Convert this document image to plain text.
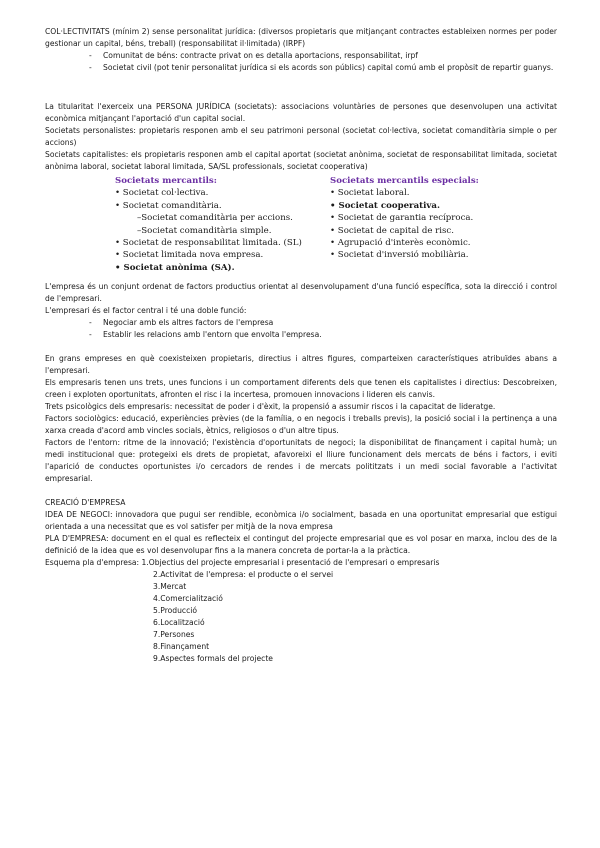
COL·LECTIVITATS (mínim 2) sense personalitat jurídica: (diversos propietaris que mitjançant contractes estableixen normes per poder gestionar un capital, béns, treball) (responsabilitat il·limitada) (IRPF)

- Comunitat de béns: contracte privat on es detalla aportacions, responsabilitat, irpf
- Societat civil (pot tenir personalitat jurídica si els acords son públics) capital comú amb el propòsit de repartir guanys.

La titularitat l'exerceix una PERSONA JURÍDICA (societats): associacions voluntàries de persones que desenvolupen una activitat econòmica mitjançant l'aportació d'un capital social.

Societats personalistes: propietaris responen amb el seu patrimoni personal (societat col·lectiva, societat comanditària simple o per accions)

Societats capitalistes: els propietaris responen amb el capital aportat (societat anònima, societat de responsabilitat limitada, societat anònima laboral, societat laboral limitada, SA/SL professionals, societat cooperativa)

Societats mercantils:
• Societat col·lectiva.
• Societat comanditària.
–Societat comanditària per accions.
–Societat comanditària simple.
• Societat de responsabilitat limitada. (SL)
• Societat limitada nova empresa.
• Societat anònima (SA).
Societats mercantils especials:
• Societat laboral.
• Societat cooperativa.
• Societat de garantia recíproca.
• Societat de capital de risc.
• Agrupació d'interès econòmic.
• Societat d'inversió mobiliària.

L'empresa és un conjunt ordenat de factors productius orientat al desenvolupament d'una funció específica, sota la direcció i control de l'empresari.

L'empresari és el factor central i té una doble funció:

- Negociar amb els altres factors de l'empresa
- Establir les relacions amb l'entorn que envolta l'empresa.

En grans empreses en què coexisteixen propietaris, directius i altres figures, comparteixen característiques atribuïdes abans a l'empresari.

Els empresaris tenen uns trets, unes funcions i un comportament diferents dels que tenen els capitalistes i directius: Descobreixen, creen i exploten oportunitats, afronten el risc i la incertesa, promouen innovacions i lideren els canvis.

Trets psicològics dels empresaris: necessitat de poder i d'èxit, la propensió a assumir riscos i la capacitat de lideratge.

Factors sociològics: educació, experiències prèvies (de la família, o en negocis i treballs previs), la posició social i la pertinença a una xarxa creada d'acord amb vincles socials, ètnics, religiosos o d'un altre tipus.

Factors de l'entorn: ritme de la innovació; l'existència d'oportunitats de negoci; la disponibilitat de finançament i capital humà; un medi institucional que: protegeixi els drets de propietat, afavoreixi el lliure funcionament dels mercats de béns i factors, i eviti l'aparició de conductes oportunistes i/o cercadors de rendes i de mercats polititzats i un medi social favorable a l'activitat empresarial.

CREACIÓ D'EMPRESA

IDEA DE NEGOCI: innovadora que pugui ser rendible, econòmica i/o socialment, basada en una oportunitat empresarial que estigui orientada a una necessitat que es vol satisfer per mitjà de la nova empresa

PLA D'EMPRESA: document en el qual es reflecteix el contingut del projecte empresarial que es vol posar en marxa, inclou des de la definició de la idea que es vol desenvolupar fins a la manera concreta de portar-la a la pràctica.

Esquema pla d'empresa: 1.Objectius del projecte empresarial i presentació de l'empresari o empresaris
2.Activitat de l'empresa: el producte o el servei
3.Mercat
4.Comercialització
5.Producció
6.Localització
7.Persones
8.Finançament
9.Aspectes formals del projecte
